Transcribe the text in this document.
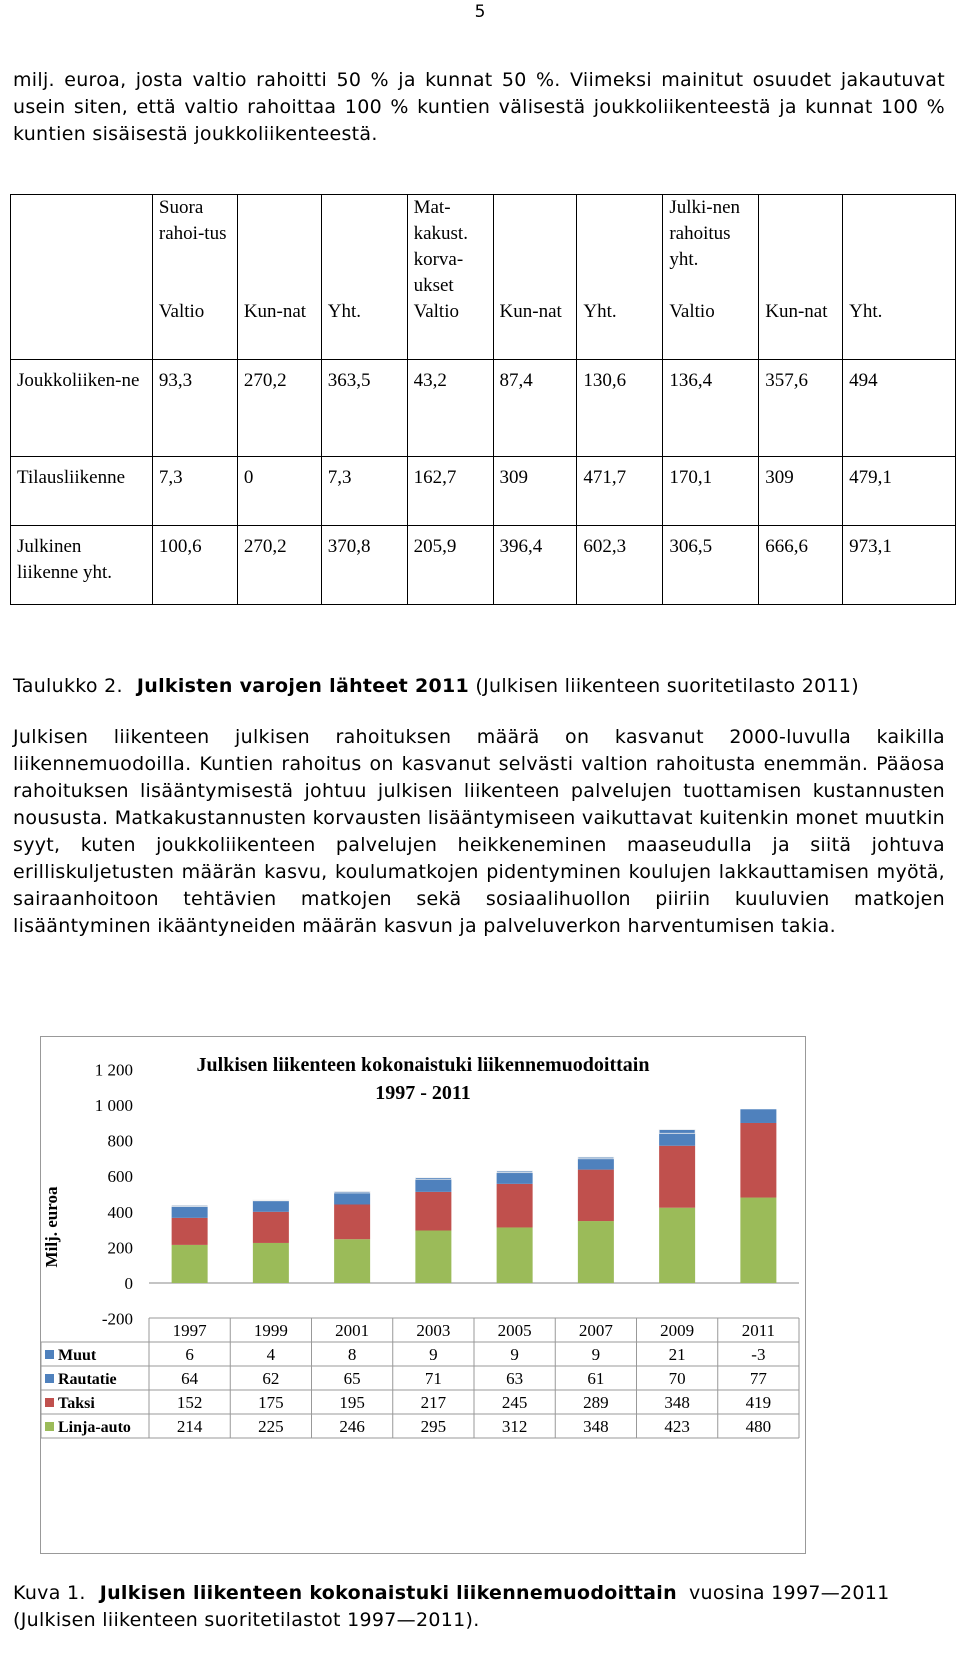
5

milj. euroa, josta valtio rahoitti 50 % ja kunnat 50 %. Viimeksi mainitut osuudet jakautuvat usein siten, että valtio rahoittaa 100 % kuntien välisestä joukkoliikenteestä ja kunnat 100 % kuntien sisäisestä joukkoliikenteestä.

	Suora rahoi-tus			Mat-kakust. korva-ukset			Julki-nen rahoitus yht.		
	Valtio	Kun-nat	Yht.	Valtio	Kun-nat	Yht.	Valtio	Kun-nat	Yht.
Joukkoliiken-ne	93,3	270,2	363,5	43,2	87,4	130,6	136,4	357,6	494
Tilausliikenne	7,3	0	7,3	162,7	309	471,7	170,1	309	479,1
Julkinen liikenne yht.	100,6	270,2	370,8	205,9	396,4	602,3	306,5	666,6	973,1

Taulukko 2. Julkisten varojen lähteet 2011 (Julkisen liikenteen suoritetilasto 2011)

Julkisen liikenteen julkisen rahoituksen määrä on kasvanut 2000-luvulla kaikilla liikennemuodoilla. Kuntien rahoitus on kasvanut selvästi valtion rahoitusta enemmän. Pääosa rahoituksen lisääntymisestä johtuu julkisen liikenteen palvelujen tuottamisen kustannusten noususta. Matkakustannusten korvausten lisääntymiseen vaikuttavat kuitenkin monet muutkin syyt, kuten joukkoliikenteen palvelujen heikkeneminen maaseudulla ja siitä johtuva erilliskuljetusten määrän kasvu, koulumatkojen pidentyminen koulujen lakkauttamisen myötä, sairaanhoitoon tehtävien matkojen sekä sosiaalihuollon piiriin kuuluvien matkojen lisääntyminen ikääntyneiden määrän kasvun ja palveluverkon harventumisen takia.

Julkisen liikenteen kokonaistuki liikennemuodoittain
1997 - 2011
Milj. euroa
-200
0
200
400
600
800
1 000
1 200
1997	1999	2001	2003	2005	2007	2009	2011
Muut	6	4	8	9	9	9	21	-3
Rautatie	64	62	65	71	63	61	70	77
Taksi	152	175	195	217	245	289	348	419
Linja-auto	214	225	246	295	312	348	423	480

Kuva 1. Julkisen liikenteen kokonaistuki liikennemuodoittain vuosina 1997—2011
(Julkisen liikenteen suoritetilastot 1997—2011).
